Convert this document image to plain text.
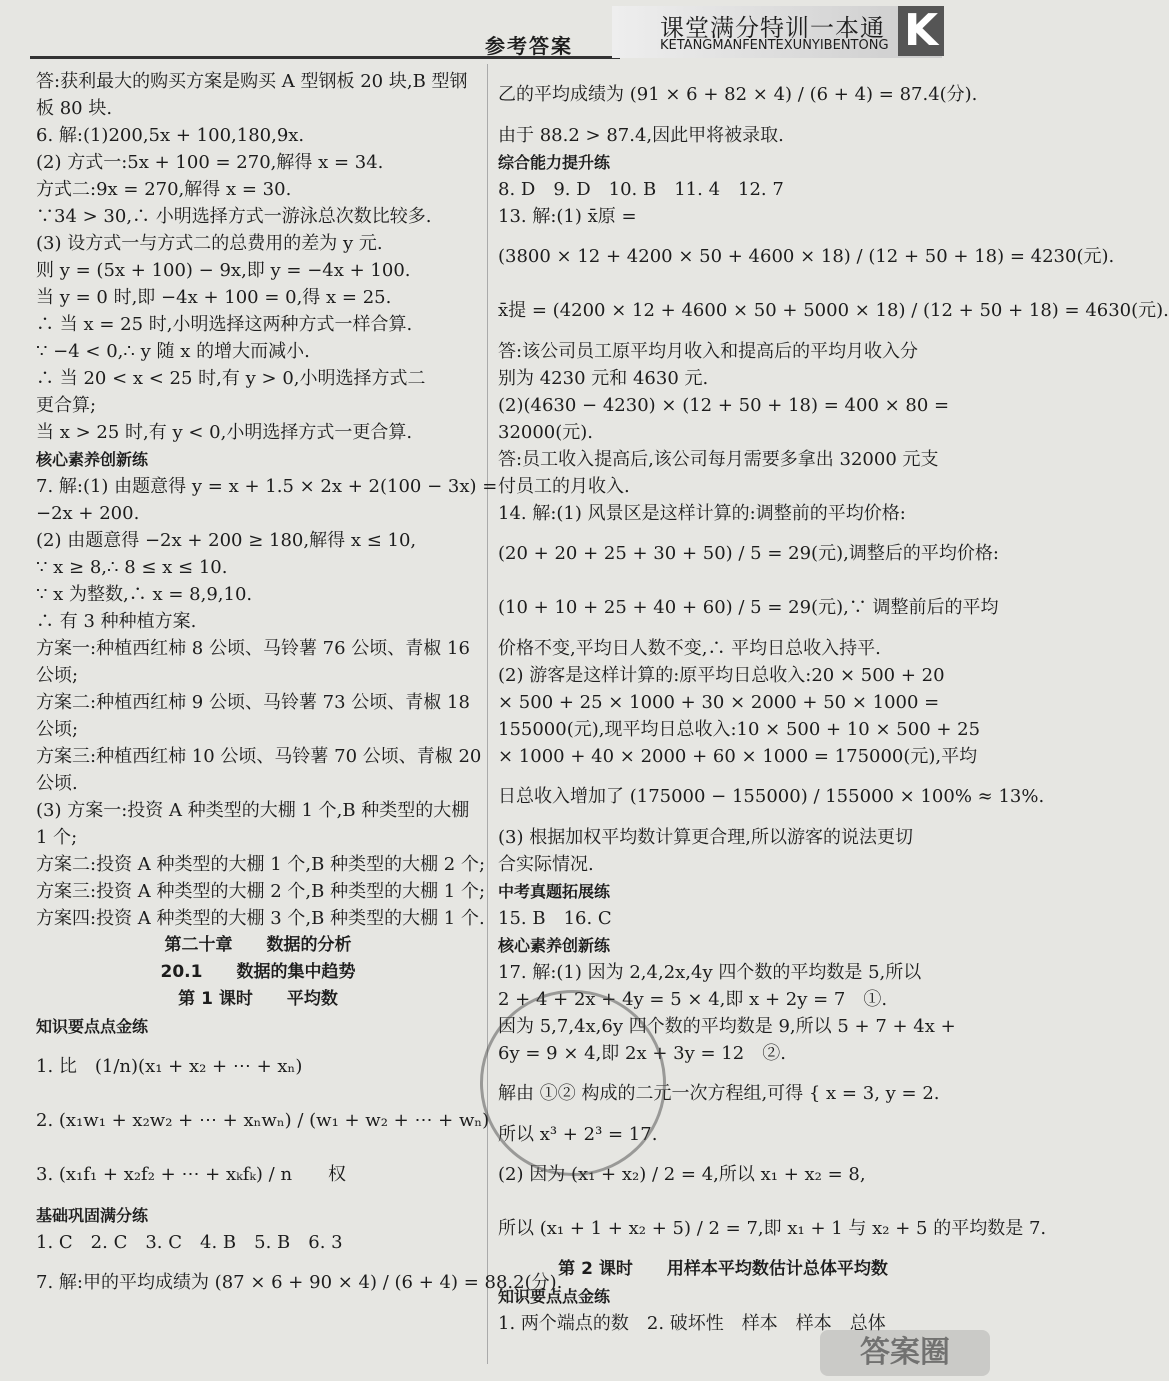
参考答案
课堂满分特训一本通
KETANGMANFENTEXUNYIBENTONG K
答:获利最大的购买方案是购买 A 型钢板 20 块,B 型钢
板 80 块.
6. 解:(1)200,5x + 100,180,9x.
(2) 方式一:5x + 100 = 270,解得 x = 34.
方式二:9x = 270,解得 x = 30.
∵34 > 30,∴ 小明选择方式一游泳总次数比较多.
(3) 设方式一与方式二的总费用的差为 y 元.
则 y = (5x + 100) − 9x,即 y = −4x + 100.
当 y = 0 时,即 −4x + 100 = 0,得 x = 25.
∴ 当 x = 25 时,小明选择这两种方式一样合算.
∵ −4 < 0,∴ y 随 x 的增大而减小.
∴ 当 20 < x < 25 时,有 y > 0,小明选择方式二
更合算;
当 x > 25 时,有 y < 0,小明选择方式一更合算.
核心素养创新练
7. 解:(1) 由题意得 y = x + 1.5 × 2x + 2(100 − 3x) =
−2x + 200.
(2) 由题意得 −2x + 200 ≥ 180,解得 x ≤ 10,
∵ x ≥ 8,∴ 8 ≤ x ≤ 10.
∵ x 为整数,∴ x = 8,9,10.
∴ 有 3 种种植方案.
方案一:种植西红柿 8 公顷、马铃薯 76 公顷、青椒 16
公顷;
方案二:种植西红柿 9 公顷、马铃薯 73 公顷、青椒 18
公顷;
方案三:种植西红柿 10 公顷、马铃薯 70 公顷、青椒 20
公顷.
(3) 方案一:投资 A 种类型的大棚 1 个,B 种类型的大棚
1 个;
方案二:投资 A 种类型的大棚 1 个,B 种类型的大棚 2 个;
方案三:投资 A 种类型的大棚 2 个,B 种类型的大棚 1 个;
方案四:投资 A 种类型的大棚 3 个,B 种类型的大棚 1 个.
第二十章　　数据的分析
20.1　　数据的集中趋势
第 1 课时　　平均数
知识要点点金练
1. 比　(1/n)(x₁ + x₂ + ⋯ + xₙ)
2. (x₁w₁ + x₂w₂ + ⋯ + xₙwₙ) / (w₁ + w₂ + ⋯ + wₙ)
3. (x₁f₁ + x₂f₂ + ⋯ + xₖfₖ) / n　　权
基础巩固满分练
1. C　2. C　3. C　4. B　5. B　6. 3
7. 解:甲的平均成绩为 (87 × 6 + 90 × 4) / (6 + 4) = 88.2(分).
乙的平均成绩为 (91 × 6 + 82 × 4) / (6 + 4) = 87.4(分).
由于 88.2 > 87.4,因此甲将被录取.
综合能力提升练
8. D　9. D　10. B　11. 4　12. 7
13. 解:(1) x̄原 =
(3800 × 12 + 4200 × 50 + 4600 × 18) / (12 + 50 + 18) = 4230(元).
x̄提 = (4200 × 12 + 4600 × 50 + 5000 × 18) / (12 + 50 + 18) = 4630(元).
答:该公司员工原平均月收入和提高后的平均月收入分
别为 4230 元和 4630 元.
(2)(4630 − 4230) × (12 + 50 + 18) = 400 × 80 =
32000(元).
答:员工收入提高后,该公司每月需要多拿出 32000 元支
付员工的月收入.
14. 解:(1) 风景区是这样计算的:调整前的平均价格:
(20 + 20 + 25 + 30 + 50) / 5 = 29(元),调整后的平均价格:
(10 + 10 + 25 + 40 + 60) / 5 = 29(元),∵ 调整前后的平均
价格不变,平均日人数不变,∴ 平均日总收入持平.
(2) 游客是这样计算的:原平均日总收入:20 × 500 + 20
× 500 + 25 × 1000 + 30 × 2000 + 50 × 1000 =
155000(元),现平均日总收入:10 × 500 + 10 × 500 + 25
× 1000 + 40 × 2000 + 60 × 1000 = 175000(元),平均
日总收入增加了 (175000 − 155000) / 155000 × 100% ≈ 13%.
(3) 根据加权平均数计算更合理,所以游客的说法更切
合实际情况.
中考真题拓展练
15. B　16. C
核心素养创新练
17. 解:(1) 因为 2,4,2x,4y 四个数的平均数是 5,所以
2 + 4 + 2x + 4y = 5 × 4,即 x + 2y = 7　①.
因为 5,7,4x,6y 四个数的平均数是 9,所以 5 + 7 + 4x +
6y = 9 × 4,即 2x + 3y = 12　②.
解由 ①② 构成的二元一次方程组,可得 { x = 3, y = 2.
所以 x³ + 2³ = 17.
(2) 因为 (x₁ + x₂) / 2 = 4,所以 x₁ + x₂ = 8,
所以 (x₁ + 1 + x₂ + 5) / 2 = 7,即 x₁ + 1 与 x₂ + 5 的平均数是 7.
第 2 课时　　用样本平均数估计总体平均数
知识要点点金练
1. 两个端点的数　2. 破坏性　样本　样本　总体
答案圈
